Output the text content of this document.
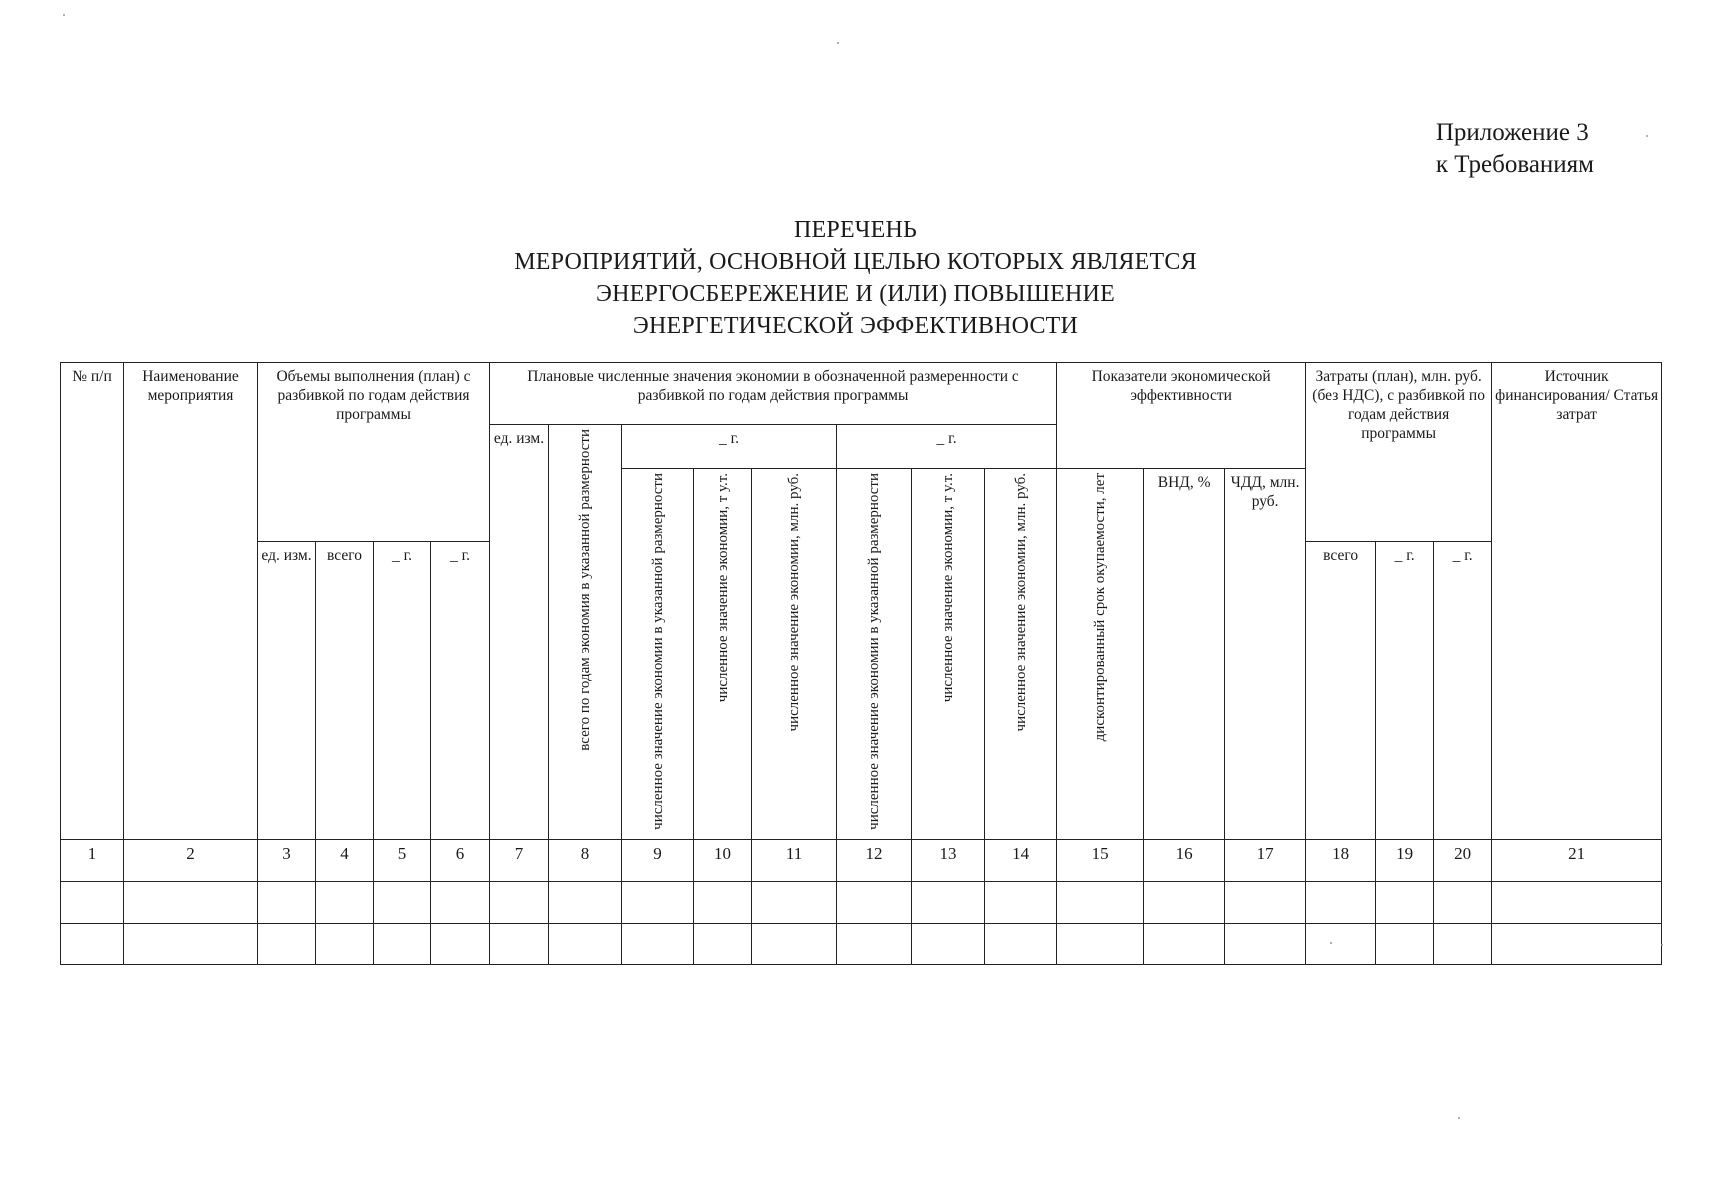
Приложение 3
к Требованиям
ПЕРЕЧЕНЬ
МЕРОПРИЯТИЙ, ОСНОВНОЙ ЦЕЛЬЮ КОТОРЫХ ЯВЛЯЕТСЯ
ЭНЕРГОСБЕРЕЖЕНИЕ И (ИЛИ) ПОВЫШЕНИЕ
ЭНЕРГЕТИЧЕСКОЙ ЭФФЕКТИВНОСТИ
№ п/п	Наименование мероприятия	Объемы выполнения (план) с разбивкой по годам действия программы				Плановые численные значения экономии в обозначенной размеренности с разбивкой по годам действия программы								Показатели экономической эффективности			Затраты (план), млн. руб. (без НДС), с разбивкой по годам действия программы			Источник финансирования/ Статья затрат
						ед. изм.	всего по годам экономия в указанной размерности	_ г.			_ г.									
								численное значение экономии в указанной размерности	численное значение экономии, т у.т.	численное значение экономии, млн. руб.	численное значение экономии в указанной размерности	численное значение экономии, т у.т.	численное значение экономии, млн. руб.	дисконтированный срок окупаемости, лет	ВНД, %	ЧДД, млн. руб.				
		ед. изм.	всего	_ г.	_ г.												всего	_ г.	_ г.	
1	2	3	4	5	6	7	8	9	10	11	12	13	14	15	16	17	18	19	20	21
